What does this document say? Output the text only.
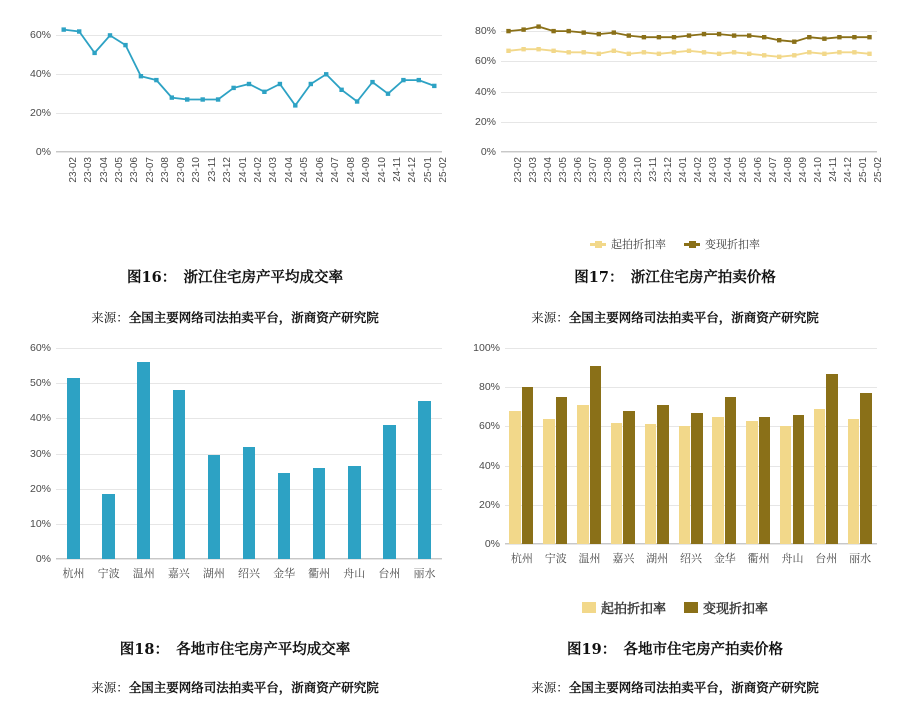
0%
20%
40%
60%
23-02 23-03 23-04 23-05 23-06 23-07 23-08 23-09 23-10 23-11 23-12 24-01 24-02 24-03 24-04 24-05 24-06 24-07 24-08 24-09 24-10 24-11 24-12 25-01 25-02
图16：　浙江住宅房产平均成交率
来源：全国主要网络司法拍卖平台，浙商资产研究院
0%
20%
40%
60%
80%
23-02 23-03 23-04 23-05 23-06 23-07 23-08 23-09 23-10 23-11 23-12 24-01 24-02 24-03 24-04 24-05 24-06 24-07 24-08 24-09 24-10 24-11 24-12 25-01 25-02
起拍折扣率	变现折扣率
图17：　浙江住宅房产拍卖价格
来源：全国主要网络司法拍卖平台，浙商资产研究院
0%
10%
20%
30%
40%
50%
60%
杭州 宁波 温州 嘉兴 湖州 绍兴 金华 衢州 舟山 台州 丽水
图18：　各地市住宅房产平均成交率
来源：全国主要网络司法拍卖平台，浙商资产研究院
0%
20%
40%
60%
80%
100%
杭州 宁波 温州 嘉兴 湖州 绍兴 金华 衢州 舟山 台州 丽水
起拍折扣率	变现折扣率
图19：　各地市住宅房产拍卖价格
来源：全国主要网络司法拍卖平台，浙商资产研究院
